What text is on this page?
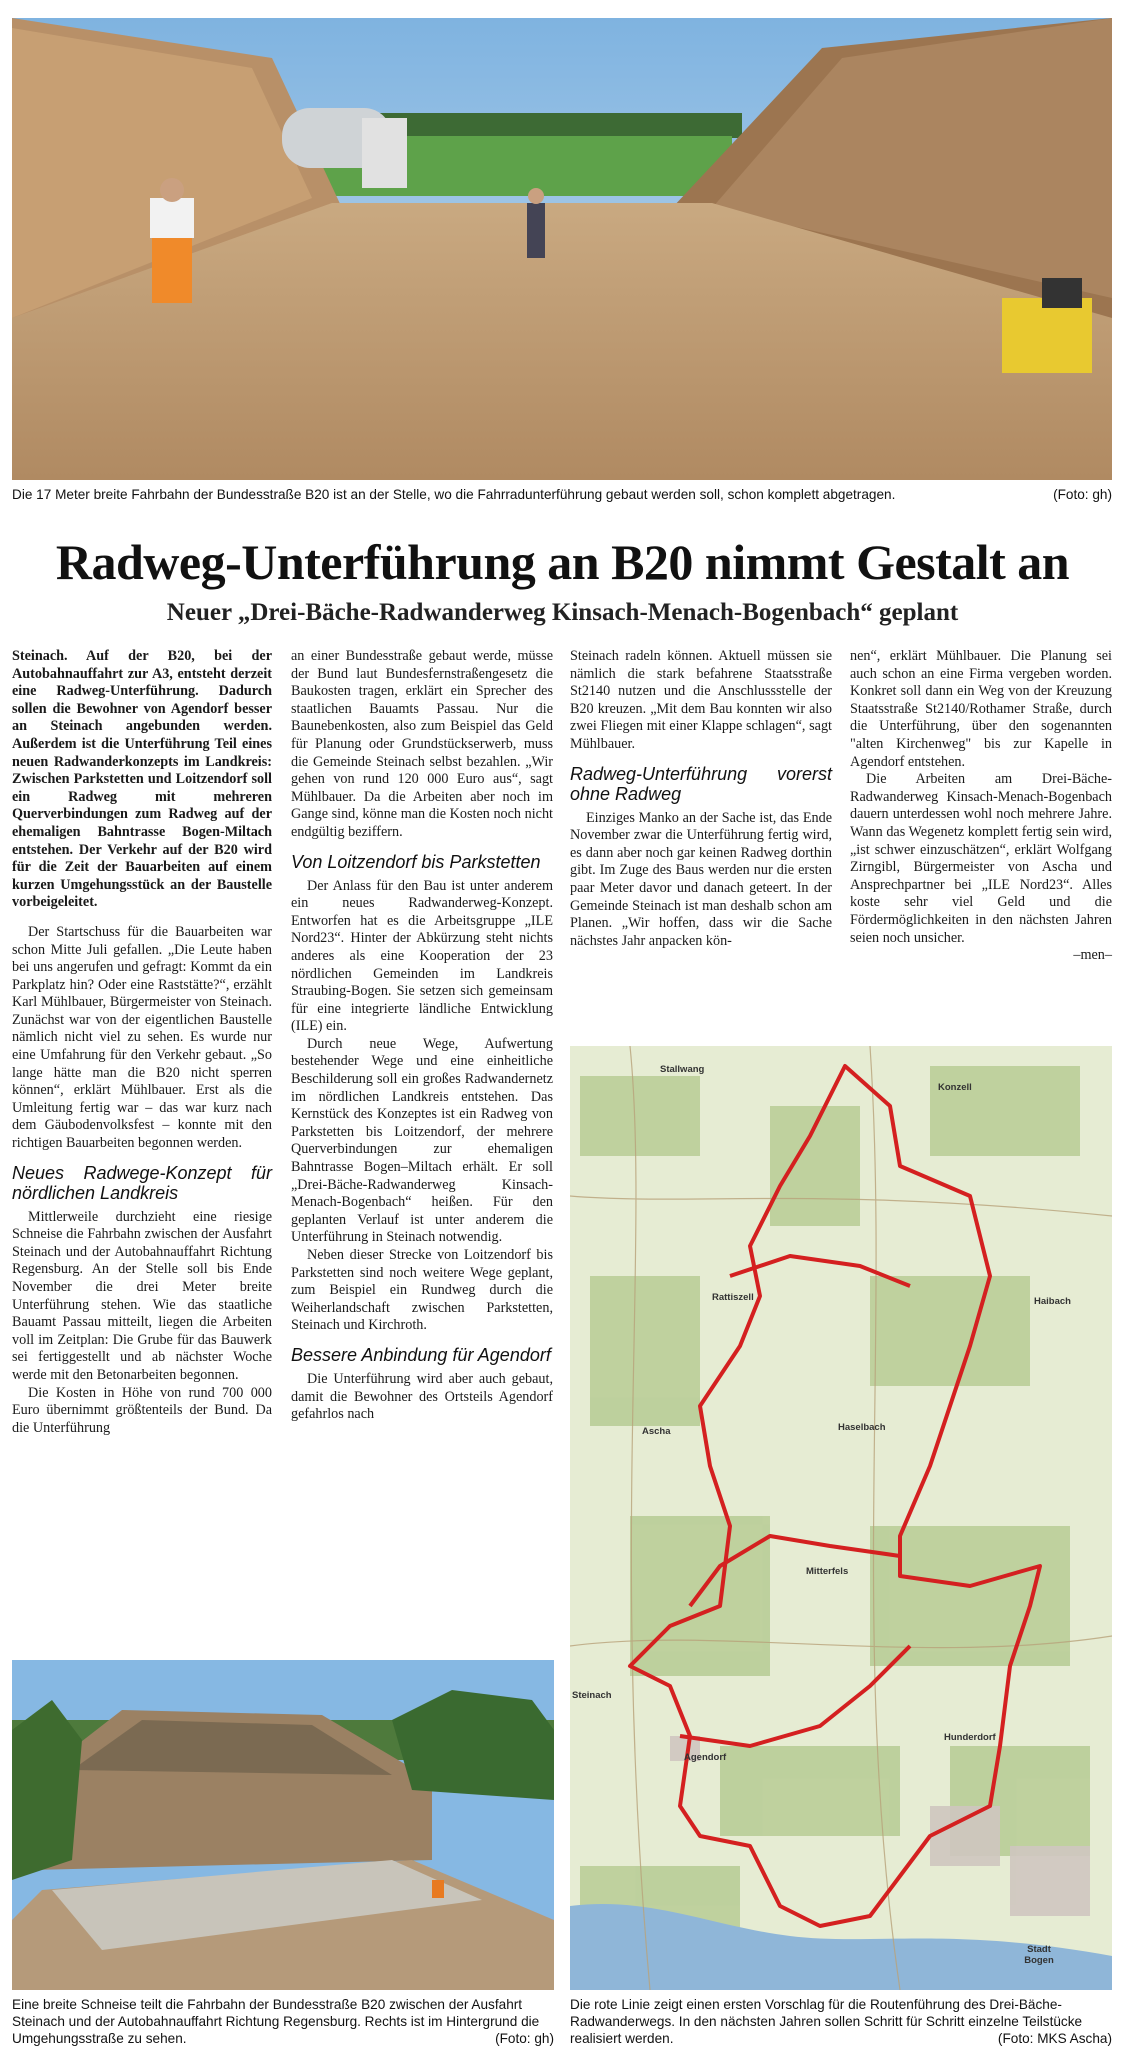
Die 17 Meter breite Fahrbahn der Bundesstraße B20 ist an der Stelle, wo die Fahrradunterführung gebaut werden soll, schon komplett abgetragen.	(Foto: gh)
Radweg-Unterführung an B20 nimmt Gestalt an
Neuer „Drei-Bäche-Radwanderweg Kinsach-Menach-Bogenbach“ geplant

Steinach. Auf der B20, bei der Autobahnauffahrt zur A3, entsteht derzeit eine Radweg-Unterführung. Dadurch sollen die Bewohner von Agendorf besser an Steinach angebunden werden. Außerdem ist die Unterführung Teil eines neuen Radwanderkonzepts im Landkreis: Zwischen Parkstetten und Loitzendorf soll ein Radweg mit mehreren Querverbindungen zum Radweg auf der ehemaligen Bahntrasse Bogen-Miltach entstehen. Der Verkehr auf der B20 wird für die Zeit der Bauarbeiten auf einem kurzen Umgehungsstück an der Baustelle vorbeigeleitet.

Der Startschuss für die Bauarbeiten war schon Mitte Juli gefallen. „Die Leute haben bei uns angerufen und gefragt: Kommt da ein Parkplatz hin? Oder eine Raststätte?“, erzählt Karl Mühlbauer, Bürgermeister von Steinach. Zunächst war von der eigentlichen Baustelle nämlich nicht viel zu sehen. Es wurde nur eine Umfahrung für den Verkehr gebaut. „So lange hätte man die B20 nicht sperren können“, erklärt Mühlbauer. Erst als die Umleitung fertig war – das war kurz nach dem Gäubodenvolksfest – konnte mit den richtigen Bauarbeiten begonnen werden.

Neues Radwege-Konzept für nördlichen Landkreis

Mittlerweile durchzieht eine riesige Schneise die Fahrbahn zwischen der Ausfahrt Steinach und der Autobahnauffahrt Richtung Regensburg. An der Stelle soll bis Ende November die drei Meter breite Unterführung stehen. Wie das staatliche Bauamt Passau mitteilt, liegen die Arbeiten voll im Zeitplan: Die Grube für das Bauwerk sei fertiggestellt und ab nächster Woche werde mit den Betonarbeiten begonnen.

Die Kosten in Höhe von rund 700 000 Euro übernimmt größtenteils der Bund. Da die Unterführung

an einer Bundesstraße gebaut werde, müsse der Bund laut Bundesfernstraßengesetz die Baukosten tragen, erklärt ein Sprecher des staatlichen Bauamts Passau. Nur die Baunebenkosten, also zum Beispiel das Geld für Planung oder Grundstückserwerb, muss die Gemeinde Steinach selbst bezahlen. „Wir gehen von rund 120 000 Euro aus“, sagt Mühlbauer. Da die Arbeiten aber noch im Gange sind, könne man die Kosten noch nicht endgültig beziffern.

Von Loitzendorf bis Parkstetten

Der Anlass für den Bau ist unter anderem ein neues Radwanderweg-Konzept. Entworfen hat es die Arbeitsgruppe „ILE Nord23“. Hinter der Abkürzung steht nichts anderes als eine Kooperation der 23 nördlichen Gemeinden im Landkreis Straubing-Bogen. Sie setzen sich gemeinsam für eine integrierte ländliche Entwicklung (ILE) ein.

Durch neue Wege, Aufwertung bestehender Wege und eine einheitliche Beschilderung soll ein großes Radwandernetz im nördlichen Landkreis entstehen. Das Kernstück des Konzeptes ist ein Radweg von Parkstetten bis Loitzendorf, der mehrere Querverbindungen zur ehemaligen Bahntrasse Bogen–Miltach erhält. Er soll „Drei-Bäche-Radwanderweg Kinsach-Menach-Bogenbach“ heißen. Für den geplanten Verlauf ist unter anderem die Unterführung in Steinach notwendig.

Neben dieser Strecke von Loitzendorf bis Parkstetten sind noch weitere Wege geplant, zum Beispiel ein Rundweg durch die Weiherlandschaft zwischen Parkstetten, Steinach und Kirchroth.

Bessere Anbindung für Agendorf

Die Unterführung wird aber auch gebaut, damit die Bewohner des Ortsteils Agendorf gefahrlos nach

Steinach radeln können. Aktuell müssen sie nämlich die stark befahrene Staatsstraße St2140 nutzen und die Anschlussstelle der B20 kreuzen. „Mit dem Bau konnten wir also zwei Fliegen mit einer Klappe schlagen“, sagt Mühlbauer.

Radweg-Unterführung vorerst ohne Radweg

Einziges Manko an der Sache ist, das Ende November zwar die Unterführung fertig wird, es dann aber noch gar keinen Radweg dorthin gibt. Im Zuge des Baus werden nur die ersten paar Meter davor und danach geteert. In der Gemeinde Steinach ist man deshalb schon am Planen. „Wir hoffen, dass wir die Sache nächstes Jahr anpacken kön-

nen“, erklärt Mühlbauer. Die Planung sei auch schon an eine Firma vergeben worden. Konkret soll dann ein Weg von der Kreuzung Staatsstraße St2140/Rothamer Straße, durch die Unterführung, über den sogenannten "alten Kirchenweg" bis zur Kapelle in Agendorf entstehen.

Die Arbeiten am Drei-Bäche-Radwanderweg Kinsach-Menach-Bogenbach dauern unterdessen wohl noch mehrere Jahre. Wann das Wegenetz komplett fertig sein wird, „ist schwer einzuschätzen“, erklärt Wolfgang Zirngibl, Bürgermeister von Ascha und Ansprechpartner bei „ILE Nord23“. Alles koste sehr viel Geld und die Fördermöglichkeiten in den nächsten Jahren seien noch unsicher.

–men–
Eine breite Schneise teilt die Fahrbahn der Bundesstraße B20 zwischen der Ausfahrt Steinach und der Autobahnauffahrt Richtung Regensburg. Rechts ist im Hintergrund die Umgehungsstraße zu sehen.	(Foto: gh)
Stallwang
Konzell
Rattiszell	Haibach
Haselbach
Ascha
Mitterfels
Steinach
Agendorf
Hunderdorf
Stadt Bogen
Die rote Linie zeigt einen ersten Vorschlag für die Routenführung des Drei-Bäche-Radwanderwegs. In den nächsten Jahren sollen Schritt für Schritt einzelne Teilstücke realisiert werden.	(Foto: MKS Ascha)
